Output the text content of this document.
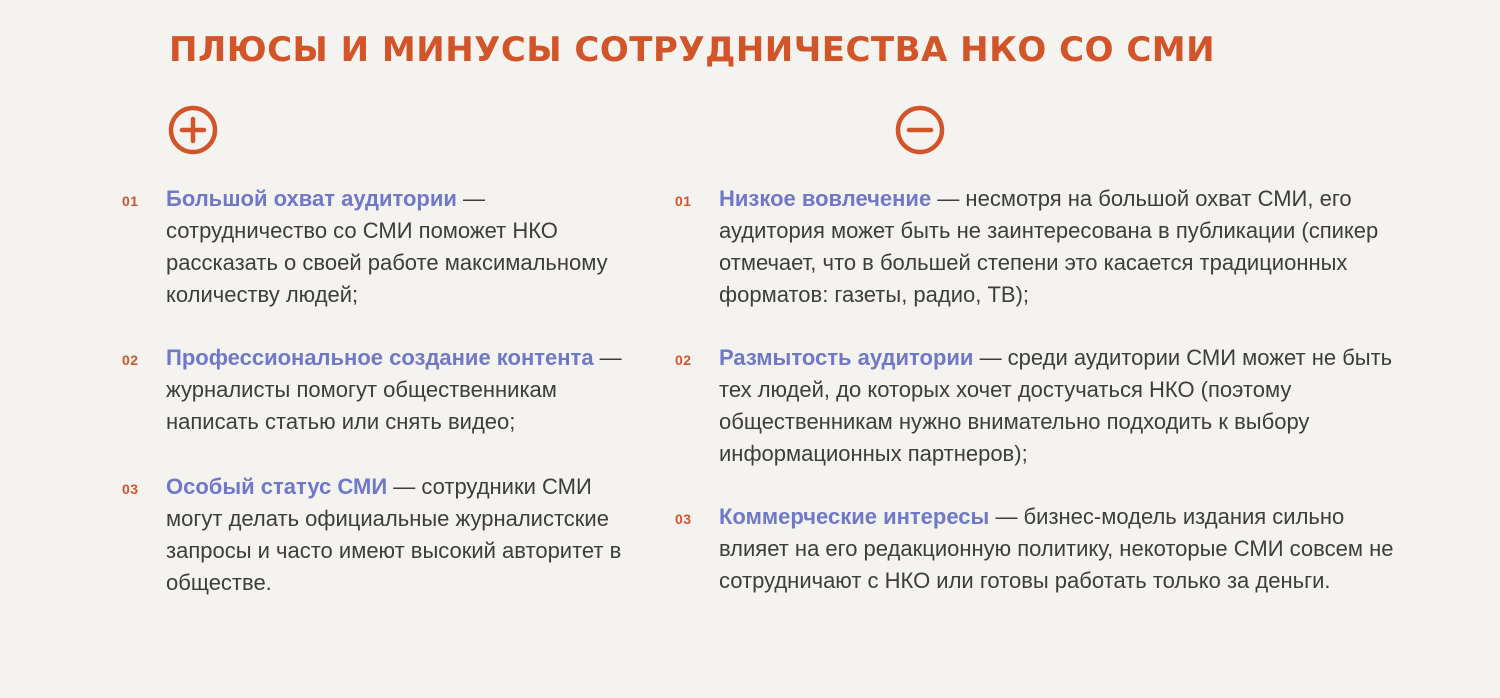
ПЛЮСЫ И МИНУСЫ СОТРУДНИЧЕСТВА НКО СО СМИ
01 Большой охват аудитории — сотрудничество со СМИ поможет НКО рассказать о своей работе максимальному количеству людей;
02 Профессиональное создание контента — журналисты помогут общественникам написать статью или снять видео;
03 Особый статус СМИ — сотрудники СМИ могут делать официальные журналистские запросы и часто имеют высокий авторитет в обществе.
01 Низкое вовлечение — несмотря на большой охват СМИ, его аудитория может быть не заинтересована в публикации (спикер отмечает, что в большей степени это касается традиционных форматов: газеты, радио, ТВ);
02 Размытость аудитории — среди аудитории СМИ может не быть тех людей, до которых хочет достучаться НКО (поэтому общественникам нужно внимательно подходить к выбору информационных партнеров);
03 Коммерческие интересы — бизнес-модель издания сильно влияет на его редакционную политику, некоторые СМИ совсем не сотрудничают с НКО или готовы работать только за деньги.
